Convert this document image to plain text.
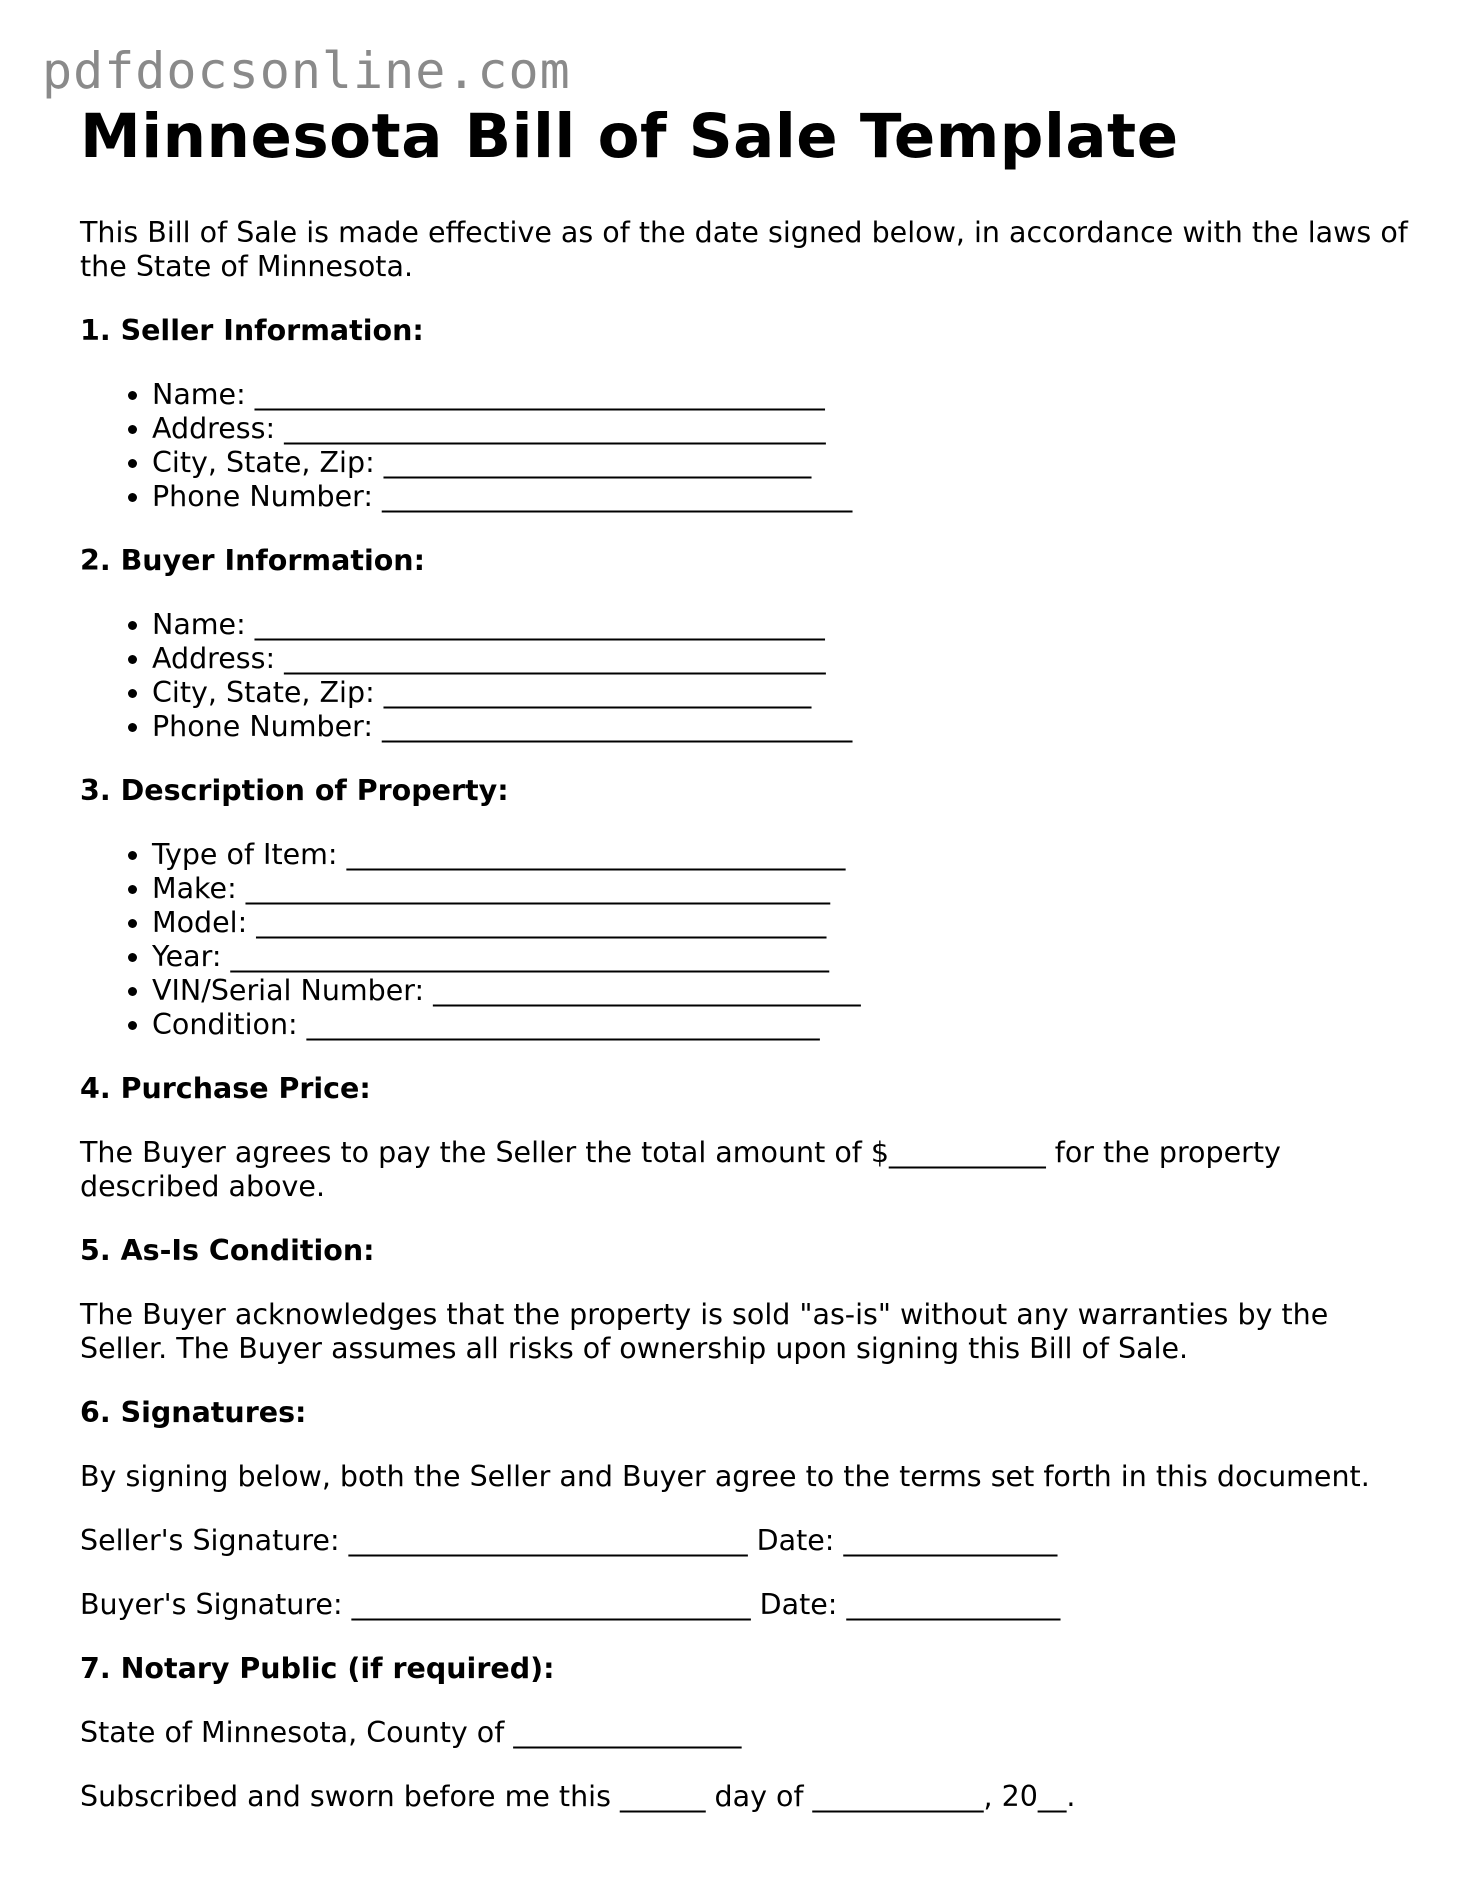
pdfdocsonline.com
Minnesota Bill of Sale Template

This Bill of Sale is made effective as of the date signed below, in accordance with the laws of the State of Minnesota.

1. Seller Information:
• Name: ________________________________________
• Address: ______________________________________
• City, State, Zip: ______________________________
• Phone Number: _________________________________
2. Buyer Information:
• Name: ________________________________________
• Address: ______________________________________
• City, State, Zip: ______________________________
• Phone Number: _________________________________
3. Description of Property:
• Type of Item: ___________________________________
• Make: _________________________________________
• Model: ________________________________________
• Year: __________________________________________
• VIN/Serial Number: ______________________________
• Condition: ____________________________________
4. Purchase Price:

The Buyer agrees to pay the Seller the total amount of $___________ for the property described above.

5. As-Is Condition:

The Buyer acknowledges that the property is sold "as-is" without any warranties by the Seller. The Buyer assumes all risks of ownership upon signing this Bill of Sale.

6. Signatures:

By signing below, both the Seller and Buyer agree to the terms set forth in this document.

Seller's Signature: ____________________________ Date: _______________

Buyer's Signature: ____________________________ Date: _______________

7. Notary Public (if required):

State of Minnesota, County of ________________

Subscribed and sworn before me this ______ day of ____________, 20__.
